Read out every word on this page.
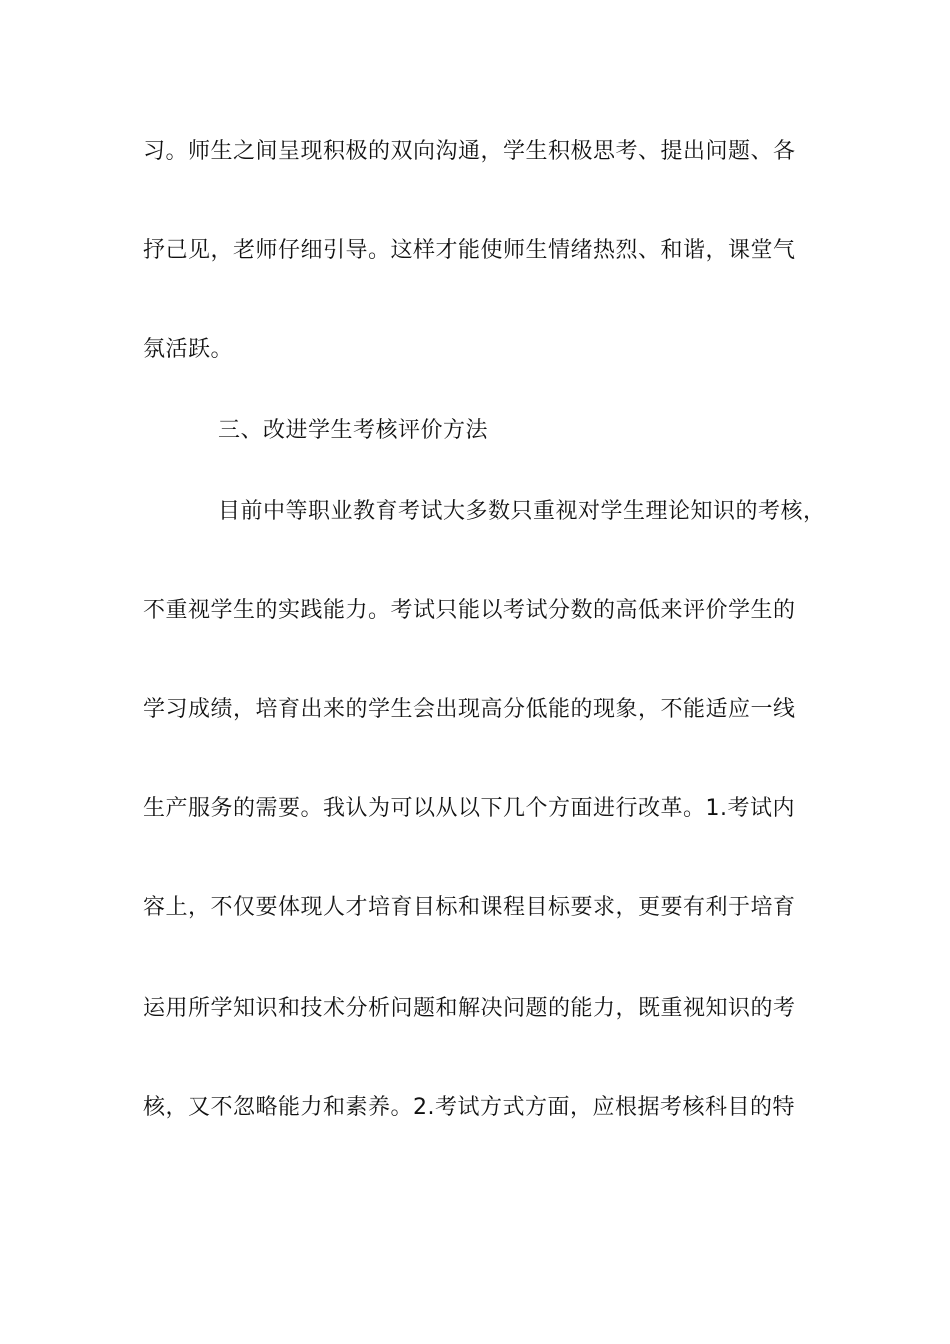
习。师生之间呈现积极的双向沟通，学生积极思考、提出问题、各
抒己见，老师仔细引导。这样才能使师生情绪热烈、和谐，课堂气
氛活跃。
三、改进学生考核评价方法
目前中等职业教育考试大多数只重视对学生理论知识的考核，
不重视学生的实践能力。考试只能以考试分数的高低来评价学生的
学习成绩，培育出来的学生会出现高分低能的现象，不能适应一线
生产服务的需要。我认为可以从以下几个方面进行改革。1.考试内
容上，不仅要体现人才培育目标和课程目标要求，更要有利于培育
运用所学知识和技术分析问题和解决问题的能力，既重视知识的考
核，又不忽略能力和素养。2.考试方式方面，应根据考核科目的特
